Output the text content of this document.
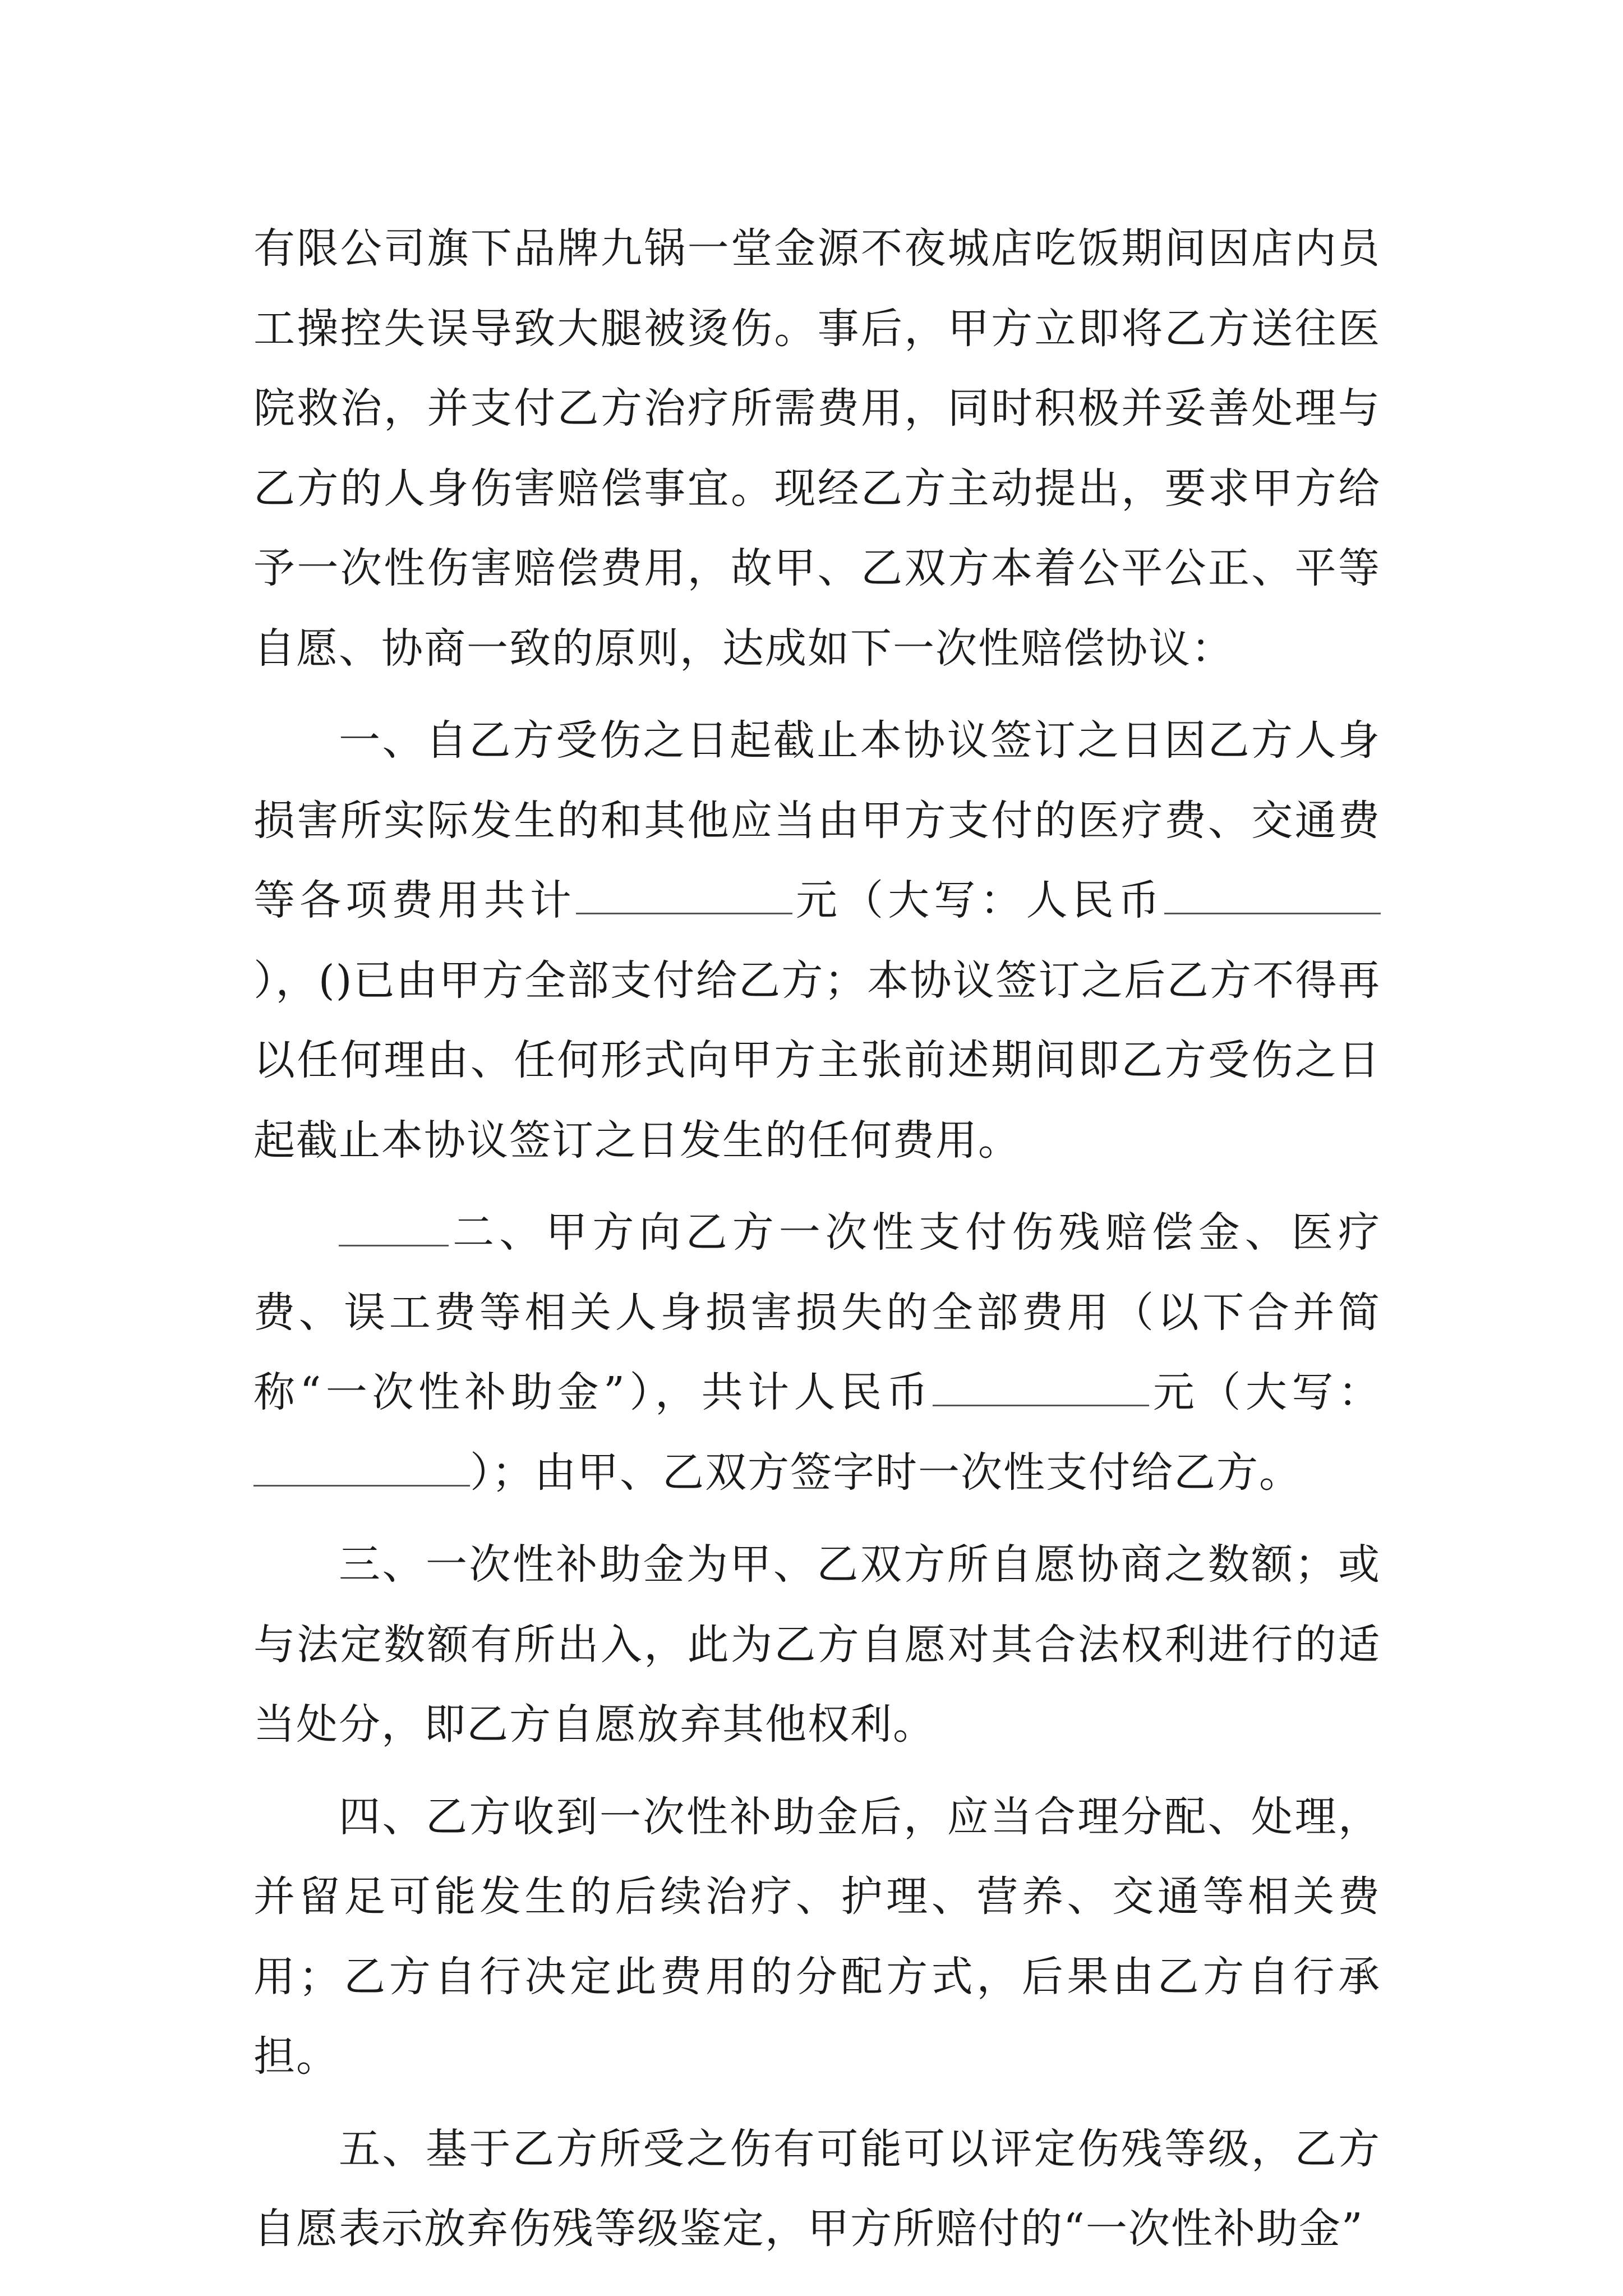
有限公司旗下品牌九锅一堂金源不夜城店吃饭期间因店内员工操控失误导致大腿被烫伤。事后，甲方立即将乙方送往医院救治，并支付乙方治疗所需费用，同时积极并妥善处理与乙方的人身伤害赔偿事宜。现经乙方主动提出，要求甲方给予一次性伤害赔偿费用，故甲、乙双方本着公平公正、平等自愿、协商一致的原则，达成如下一次性赔偿协议：

一、自乙方受伤之日起截止本协议签订之日因乙方人身损害所实际发生的和其他应当由甲方支付的医疗费、交通费等各项费用共计	元（大写：人民币），()已由甲方全部支付给乙方；本协议签订之后乙方不得再以任何理由、任何形式向甲方主张前述期间即乙方受伤之日起截止本协议签订之日发生的任何费用。

二、甲方向乙方一次性支付伤残赔偿金、医疗费、误工费等相关人身损害损失的全部费用（以下合并简称“一次性补助金”），共计人民币	元（大写：）；由甲、乙双方签字时一次性支付给乙方。

三、一次性补助金为甲、乙双方所自愿协商之数额；或与法定数额有所出入，此为乙方自愿对其合法权利进行的适当处分，即乙方自愿放弃其他权利。

四、乙方收到一次性补助金后，应当合理分配、处理，并留足可能发生的后续治疗、护理、营养、交通等相关费用；乙方自行决定此费用的分配方式，后果由乙方自行承担。

五、基于乙方所受之伤有可能可以评定伤残等级，乙方自愿表示放弃伤残等级鉴定，甲方所赔付的“一次性补助金”
